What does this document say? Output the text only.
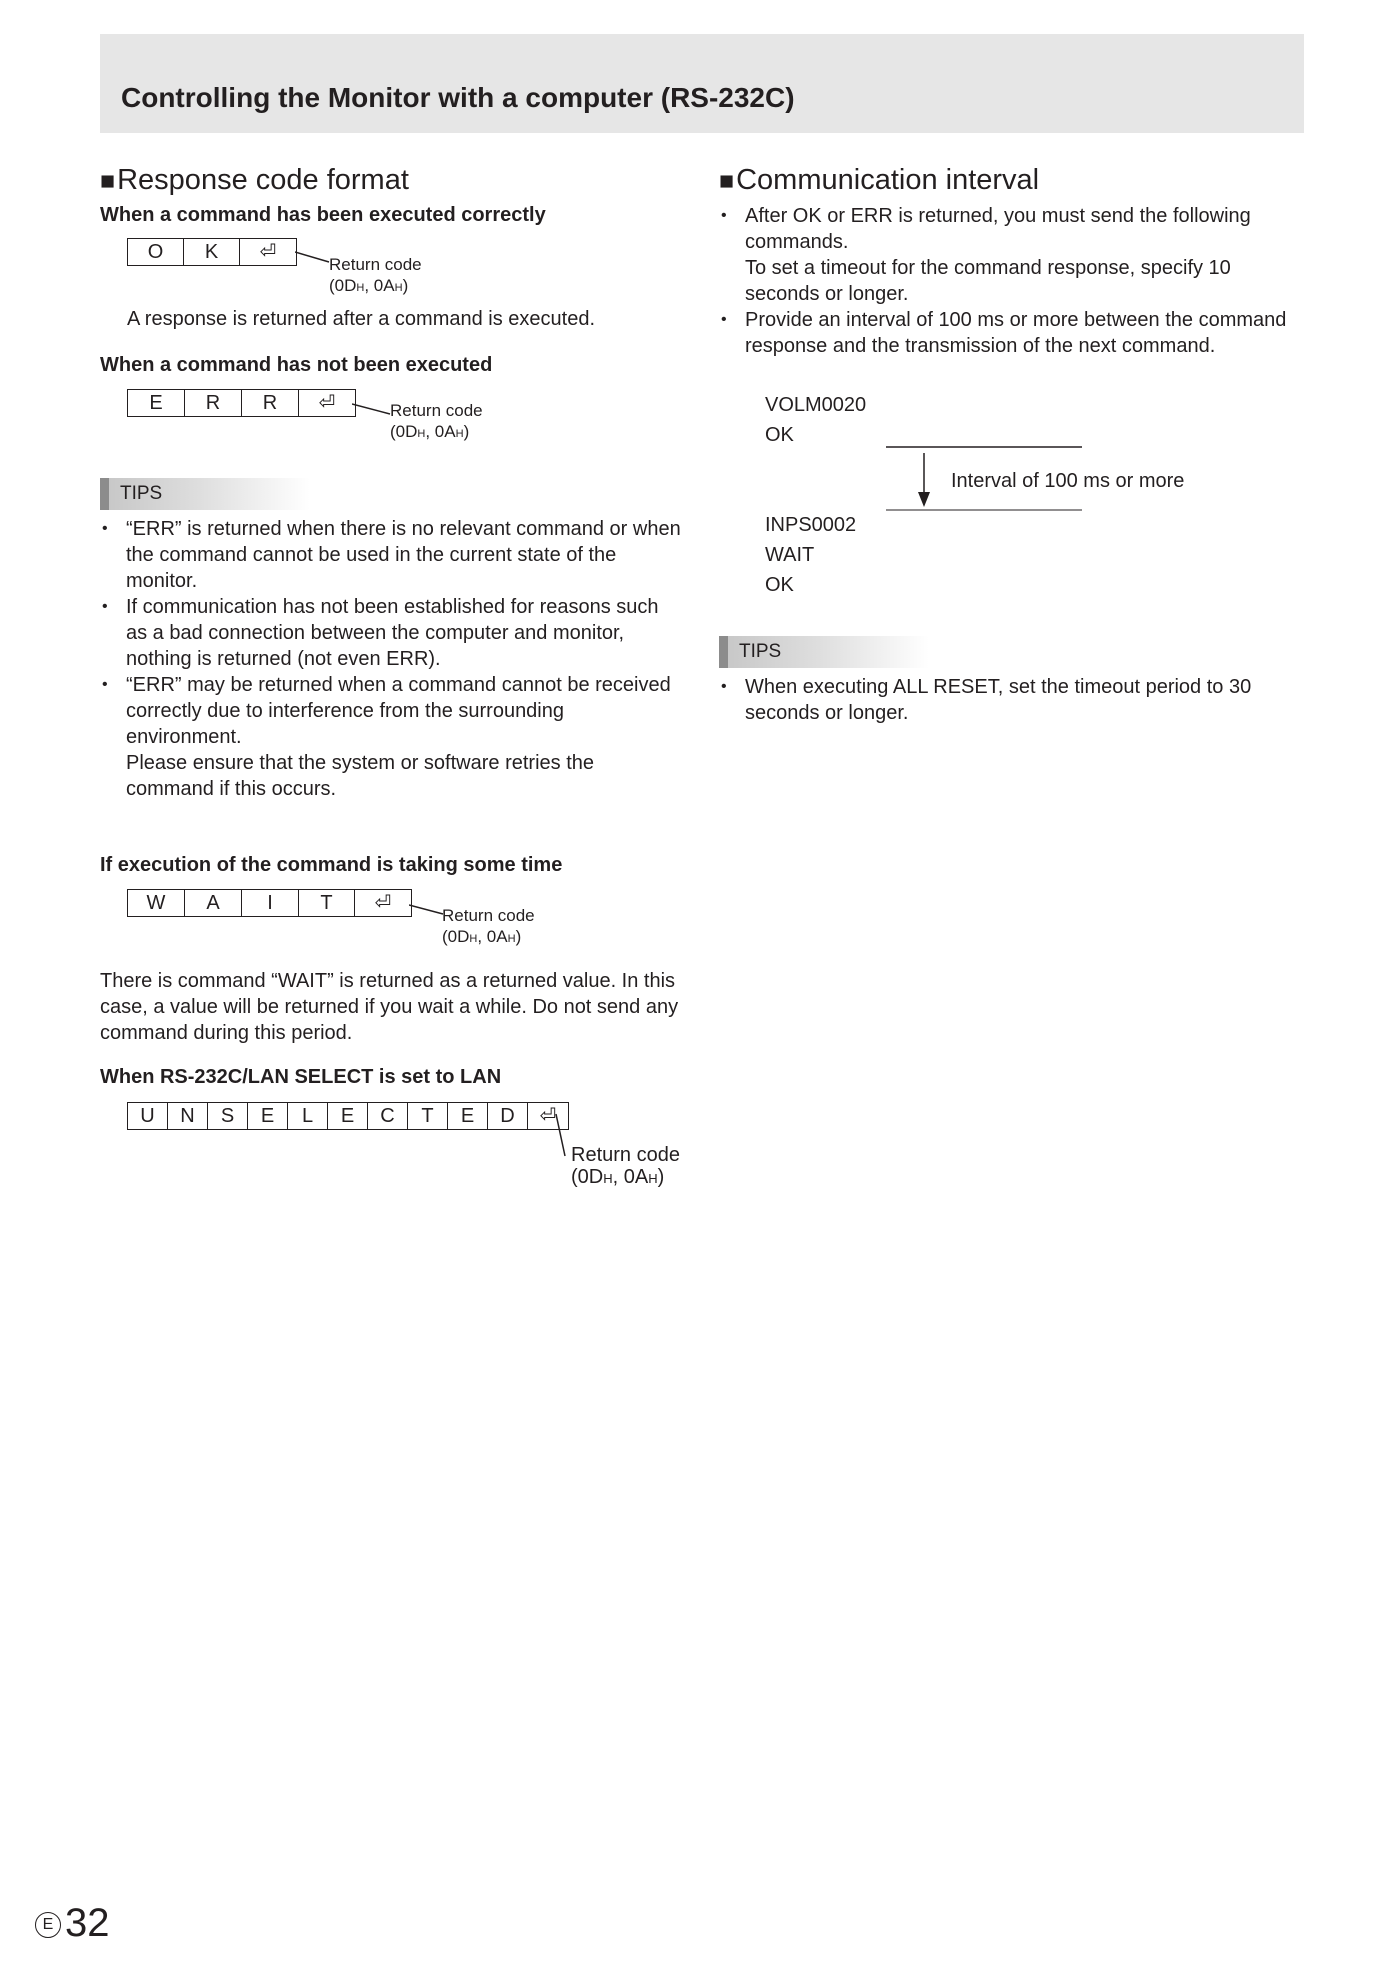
Controlling the Monitor with a computer (RS-232C)
■Response code format
When a command has been executed correctly
O	K	⏎
Return code
(0DH, 0AH)
A response is returned after a command is executed.
When a command has not been executed
E	R	R	⏎	Return code
(0DH, 0AH)
TIPS
• “ERR” is returned when there is no relevant command or when the command cannot be used in the current state of the monitor.
• If communication has not been established for reasons such as a bad connection between the computer and monitor, nothing is returned (not even ERR).
• “ERR” may be returned when a command cannot be received correctly due to interference from the surrounding environment.
Please ensure that the system or software retries the command if this occurs.
If execution of the command is taking some time
W	A	I	T	⏎
Return code
(0DH, 0AH)
There is command “WAIT” is returned as a returned value. In this case, a value will be returned if you wait a while. Do not send any command during this period.
When RS-232C/LAN SELECT is set to LAN
U	N	S	E	L	E	C	T	E	D	⏎
Return code
(0DH, 0AH)
■Communication interval
• After OK or ERR is returned, you must send the following commands.
To set a timeout for the command response, specify 10 seconds or longer.
• Provide an interval of 100 ms or more between the command response and the transmission of the next command.
VOLM0020
OK
Interval of 100 ms or more
INPS0002
WAIT
OK
TIPS
• When executing ALL RESET, set the timeout period to 30 seconds or longer.
E 32
